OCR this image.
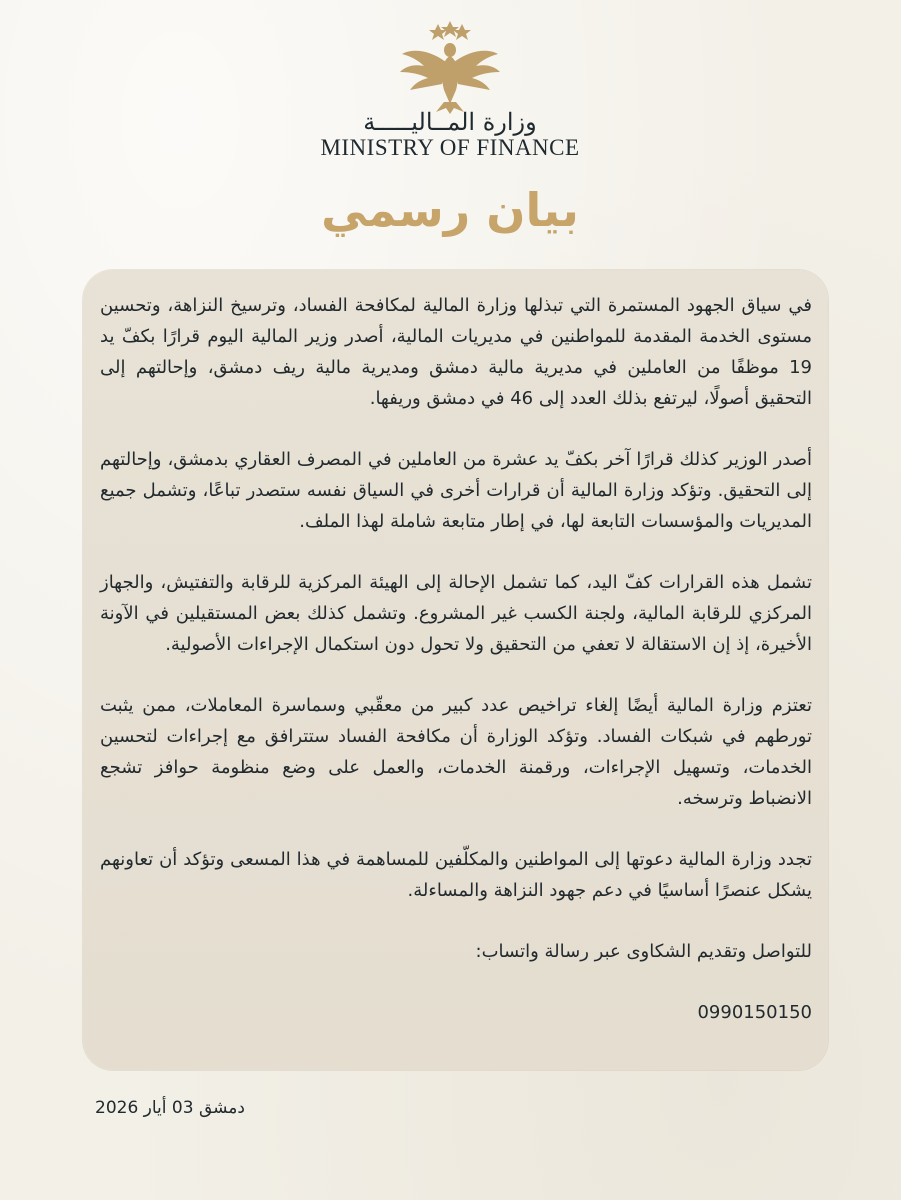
وزارة المــاليـــــة
MINISTRY OF FINANCE
بيان رسمي

في سياق الجهود المستمرة التي تبذلها وزارة المالية لمكافحة الفساد، وترسيخ النزاهة، وتحسين مستوى الخدمة المقدمة للمواطنين في مديريات المالية، أصدر وزير المالية اليوم قرارًا بكفّ يد 19 موظفًا من العاملين في مديرية مالية دمشق ومديرية مالية ريف دمشق، وإحالتهم إلى التحقيق أصولًا، ليرتفع بذلك العدد إلى 46 في دمشق وريفها.

أصدر الوزير كذلك قرارًا آخر بكفّ يد عشرة من العاملين في المصرف العقاري بدمشق، وإحالتهم إلى التحقيق. وتؤكد وزارة المالية أن قرارات أخرى في السياق نفسه ستصدر تباعًا، وتشمل جميع المديريات والمؤسسات التابعة لها، في إطار متابعة شاملة لهذا الملف.

تشمل هذه القرارات كفّ اليد، كما تشمل الإحالة إلى الهيئة المركزية للرقابة والتفتيش، والجهاز المركزي للرقابة المالية، ولجنة الكسب غير المشروع. وتشمل كذلك بعض المستقيلين في الآونة الأخيرة، إذ إن الاستقالة لا تعفي من التحقيق ولا تحول دون استكمال الإجراءات الأصولية.

تعتزم وزارة المالية أيضًا إلغاء تراخيص عدد كبير من معقّبي وسماسرة المعاملات، ممن يثبت تورطهم في شبكات الفساد. وتؤكد الوزارة أن مكافحة الفساد ستترافق مع إجراءات لتحسين الخدمات، وتسهيل الإجراءات، ورقمنة الخدمات، والعمل على وضع منظومة حوافز تشجع الانضباط وترسخه.

تجدد وزارة المالية دعوتها إلى المواطنين والمكلّفين للمساهمة في هذا المسعى وتؤكد أن تعاونهم يشكل عنصرًا أساسيًا في دعم جهود النزاهة والمساءلة.

للتواصل وتقديم الشكاوى عبر رسالة واتساب:

0990150150

دمشق 03 أيار 2026
